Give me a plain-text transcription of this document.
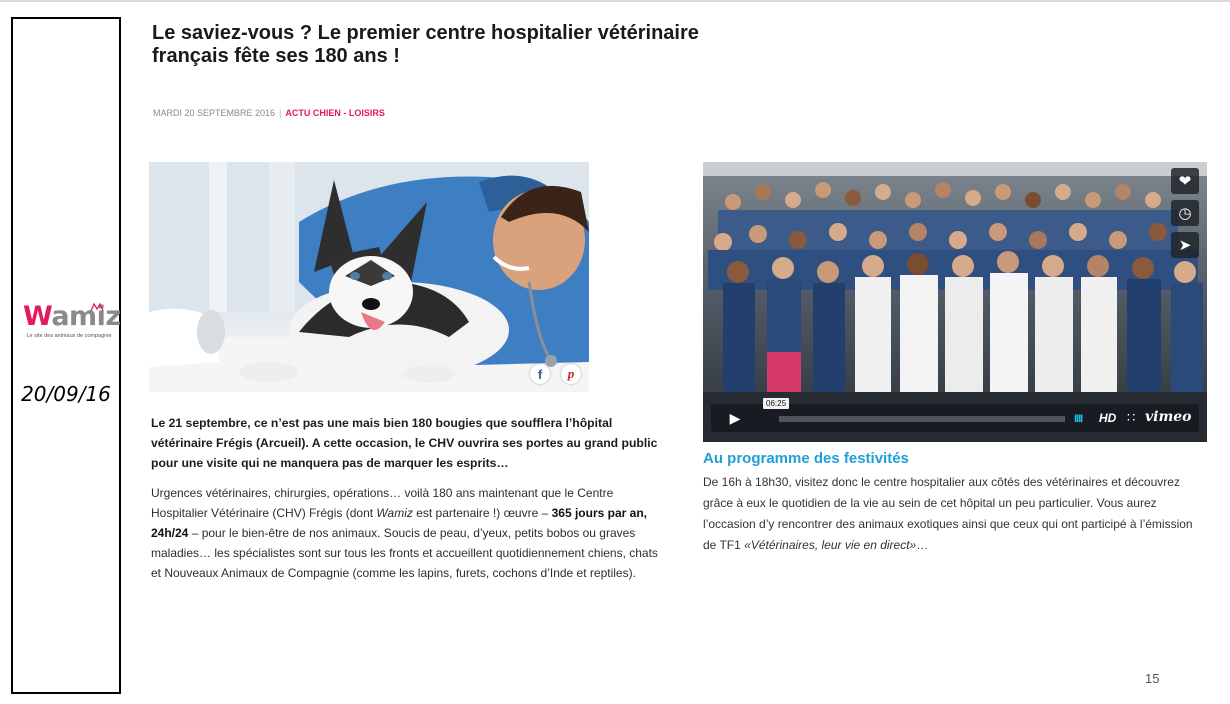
Wamiz
Le site des animaux de compagnie
20/09/16
Le saviez-vous ? Le premier centre hospitalier vétérinaire français fête ses 180 ans !
MARDI 20 SEPTEMBRE 2016 | ACTU CHIEN - LOISIRS
f	p
Le 21 septembre, ce n’est pas une mais bien 180 bougies que soufflera l’hôpital vétérinaire Frégis (Arcueil). A cette occasion, le CHV ouvrira ses portes au grand public pour une visite qui ne manquera pas de marquer les esprits…
Urgences vétérinaires, chirurgies, opérations… voilà 180 ans maintenant que le Centre Hospitalier Vétérinaire (CHV) Frégis (dont Wamiz est partenaire !) œuvre – 365 jours par an, 24h/24 – pour le bien-être de nos animaux. Soucis de peau, d’yeux, petits bobos ou graves maladies… les spécialistes sont sur tous les fronts et accueillent quotidiennement chiens, chats et Nouveaux Animaux de Compagnie (comme les lapins, furets, cochons d’Inde et reptiles).
❤
◷
➤
▶
06:25
IIII HD ∷ vimeo
Au programme des festivités
De 16h à 18h30, visitez donc le centre hospitalier aux côtés des vétérinaires et découvrez grâce à eux le quotidien de la vie au sein de cet hôpital un peu particulier. Vous aurez l’occasion d’y rencontrer des animaux exotiques ainsi que ceux qui ont participé à l’émission de TF1 «Vétérinaires, leur vie en direct»…
15
